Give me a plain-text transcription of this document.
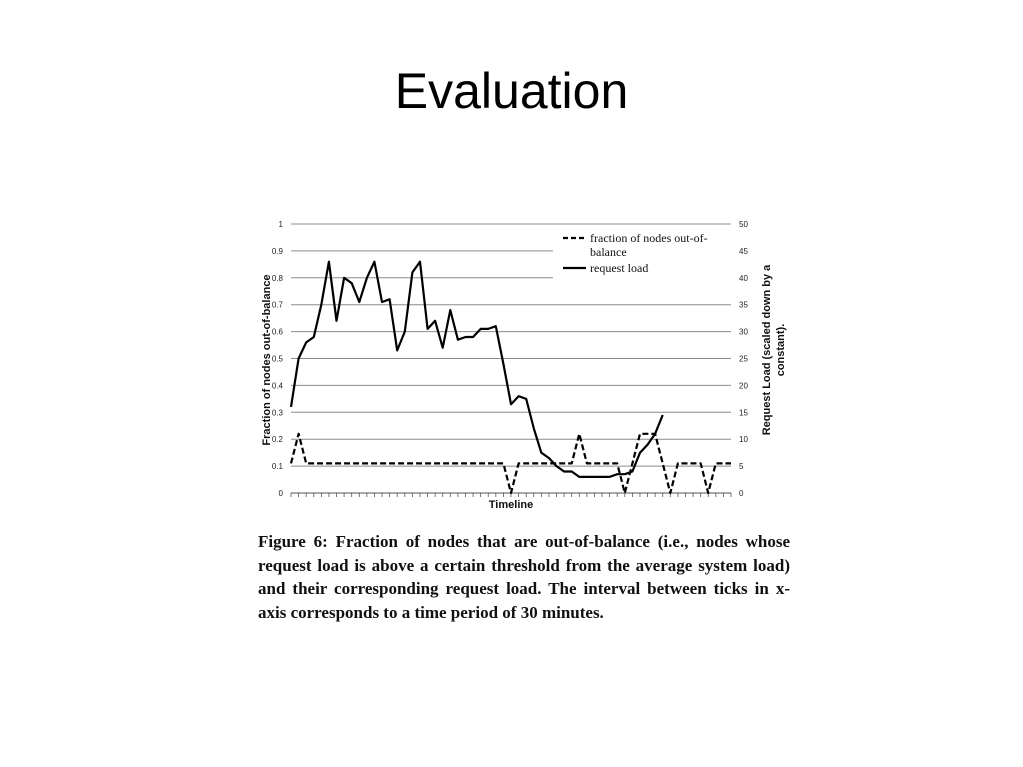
Evaluation
0
0.1
0.2
0.3
0.4
0.5
0.6
0.7
0.8
0.9
1
0
5
10
15
20
25
30
35
40
45
50
Timeline
Fraction of nodes out-of-balance	Request Load (scaled down by a constant).
fraction of nodes out-of-
balance
request load
Figure 6: Fraction of nodes that are out-of-balance (i.e., nodes whose request load is above a certain threshold from the average system load) and their corresponding request load. The interval between ticks in x-axis corresponds to a time period of 30 minutes.
